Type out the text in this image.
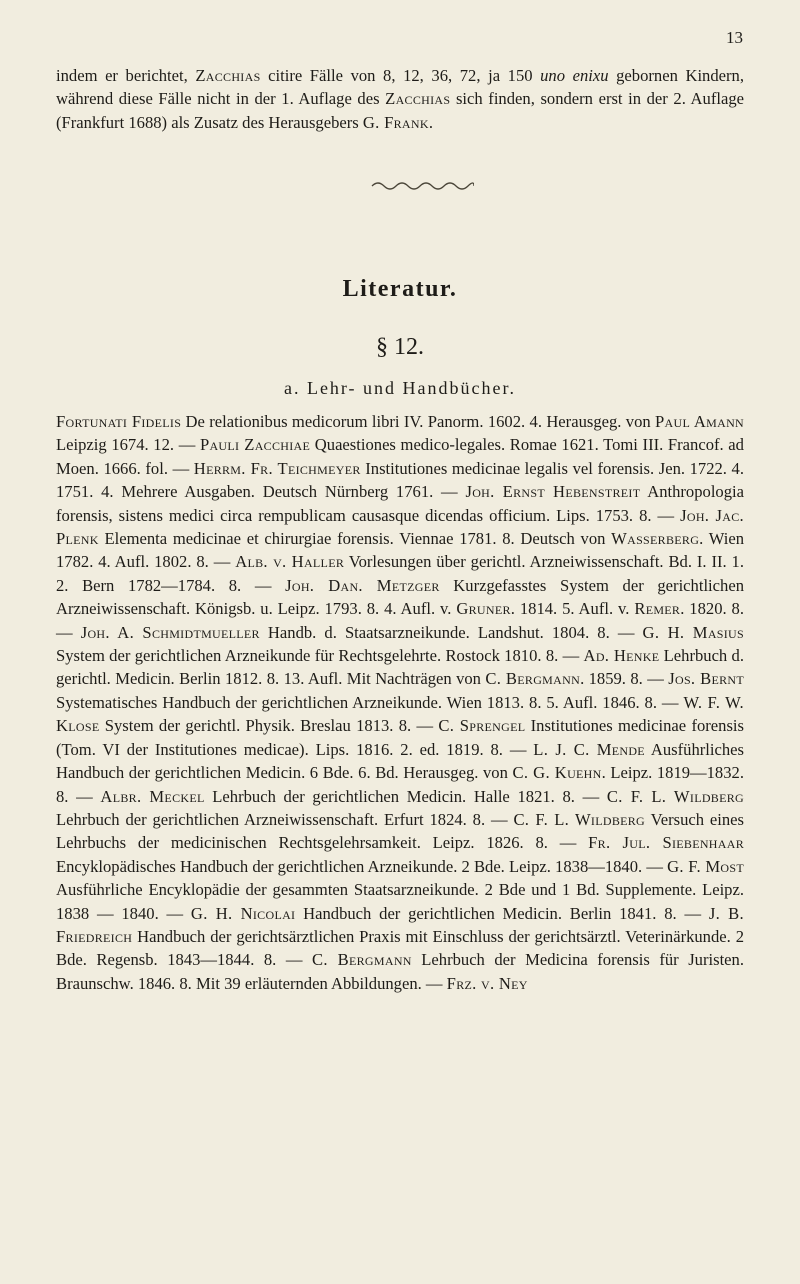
13

indem er berichtet, Zacchias citire Fälle von 8, 12, 36, 72, ja 150 uno enixu gebornen Kindern, während diese Fälle nicht in der 1. Auflage des Zacchias sich finden, sondern erst in der 2. Auflage (Frankfurt 1688) als Zusatz des Herausgebers G. Frank.

Literatur.
§ 12.
a. Lehr- und Handbücher.

Fortunati Fidelis De relationibus medicorum libri IV. Panorm. 1602. 4. Herausgeg. von Paul Amann Leipzig 1674. 12. — Pauli Zacchiae Quaestiones medico-legales. Romae 1621. Tomi III. Francof. ad Moen. 1666. fol. — Herrm. Fr. Teichmeyer Institutiones medicinae legalis vel forensis. Jen. 1722. 4. 1751. 4. Mehrere Ausgaben. Deutsch Nürnberg 1761. — Joh. Ernst Hebenstreit Anthropologia forensis, sistens medici circa rempublicam causasque dicendas officium. Lips. 1753. 8. — Joh. Jac. Plenk Elementa medicinae et chirurgiae forensis. Viennae 1781. 8. Deutsch von Wasserberg. Wien 1782. 4. Aufl. 1802. 8. — Alb. v. Haller Vorlesungen über gerichtl. Arzneiwissenschaft. Bd. I. II. 1. 2. Bern 1782—1784. 8. — Joh. Dan. Metzger Kurzgefasstes System der gerichtlichen Arzneiwissenschaft. Königsb. u. Leipz. 1793. 8. 4. Aufl. v. Gruner. 1814. 5. Aufl. v. Remer. 1820. 8. — Joh. A. Schmidtmueller Handb. d. Staatsarzneikunde. Landshut. 1804. 8. — G. H. Masius System der gerichtlichen Arzneikunde für Rechtsgelehrte. Rostock 1810. 8. — Ad. Henke Lehrbuch d. gerichtl. Medicin. Berlin 1812. 8. 13. Aufl. Mit Nachträgen von C. Bergmann. 1859. 8. — Jos. Bernt Systematisches Handbuch der gerichtlichen Arzneikunde. Wien 1813. 8. 5. Aufl. 1846. 8. — W. F. W. Klose System der gerichtl. Physik. Breslau 1813. 8. — C. Sprengel Institutiones medicinae forensis (Tom. VI der Institutiones medicae). Lips. 1816. 2. ed. 1819. 8. — L. J. C. Mende Ausführliches Handbuch der gerichtlichen Medicin. 6 Bde. 6. Bd. Herausgeg. von C. G. Kuehn. Leipz. 1819—1832. 8. — Albr. Meckel Lehrbuch der gerichtlichen Medicin. Halle 1821. 8. — C. F. L. Wildberg Lehrbuch der gerichtlichen Arzneiwissenschaft. Erfurt 1824. 8. — C. F. L. Wildberg Versuch eines Lehrbuchs der medicinischen Rechtsgelehrsamkeit. Leipz. 1826. 8. — Fr. Jul. Siebenhaar Encyklopädisches Handbuch der gerichtlichen Arzneikunde. 2 Bde. Leipz. 1838—1840. — G. F. Most Ausführliche Encyklopädie der gesammten Staatsarzneikunde. 2 Bde und 1 Bd. Supplemente. Leipz. 1838 — 1840. — G. H. Nicolai Handbuch der gerichtlichen Medicin. Berlin 1841. 8. — J. B. Friedreich Handbuch der gerichtsärztlichen Praxis mit Einschluss der gerichtsärztl. Veterinärkunde. 2 Bde. Regensb. 1843—1844. 8. — C. Bergmann Lehrbuch der Medicina forensis für Juristen. Braunschw. 1846. 8. Mit 39 erläuternden Abbildungen. — Frz. v. Ney
